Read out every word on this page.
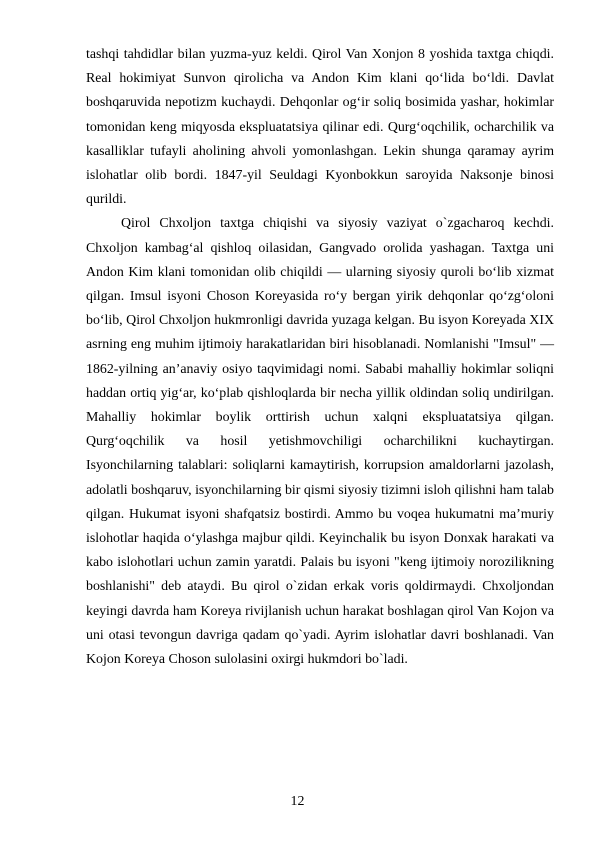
tashqi tahdidlar bilan yuzma-yuz keldi. Qirol Van Xonjon 8 yoshida taxtga chiqdi. Real hokimiyat Sunvon qirolicha va Andon Kim klani qo‘lida bo‘ldi. Davlat boshqaruvida nepotizm kuchaydi. Dehqonlar og‘ir soliq bosimida yashar, hokimlar tomonidan keng miqyosda ekspluatatsiya qilinar edi. Qurg‘oqchilik, ocharchilik va kasalliklar tufayli aholining ahvoli yomonlashgan. Lekin shunga qaramay ayrim islohatlar olib bordi. 1847-yil Seuldagi Kyonbokkun saroyida Naksonje binosi qurildi.

Qirol Chxoljon taxtga chiqishi va siyosiy vaziyat o`zgacharoq kechdi. Chxoljon kambag‘al qishloq oilasidan, Gangvado orolida yashagan. Taxtga uni Andon Kim klani tomonidan olib chiqildi — ularning siyosiy quroli bo‘lib xizmat qilgan. Imsul isyoni Choson Koreyasida ro‘y bergan yirik dehqonlar qo‘zg‘oloni bo‘lib, Qirol Chxoljon hukmronligi davrida yuzaga kelgan. Bu isyon Koreyada XIX asrning eng muhim ijtimoiy harakatlaridan biri hisoblanadi. Nomlanishi "Imsul" — 1862-yilning an’anaviy osiyo taqvimidagi nomi. Sababi mahalliy hokimlar soliqni haddan ortiq yig‘ar, ko‘plab qishloqlarda bir necha yillik oldindan soliq undirilgan. Mahalliy hokimlar boylik orttirish uchun xalqni ekspluatatsiya qilgan. Qurg‘oqchilik va hosil yetishmovchiligi ocharchilikni kuchaytirgan. Isyonchilarning talablari: soliqlarni kamaytirish, korrupsion amaldorlarni jazolash, adolatli boshqaruv, isyonchilarning bir qismi siyosiy tizimni isloh qilishni ham talab qilgan. Hukumat isyoni shafqatsiz bostirdi. Ammo bu voqea hukumatni ma’muriy islohotlar haqida o‘ylashga majbur qildi. Keyinchalik bu isyon Donxak harakati va kabo islohotlari uchun zamin yaratdi. Palais bu isyoni "keng ijtimoiy norozilikning boshlanishi" deb ataydi. Bu qirol o`zidan erkak voris qoldirmaydi. Chxoljondan keyingi davrda ham Koreya rivijlanish uchun harakat boshlagan qirol Van Kojon va uni otasi tevongun davriga qadam qo`yadi. Ayrim islohatlar davri boshlanadi. Van Kojon Koreya Choson sulolasini oxirgi hukmdori bo`ladi.

12
